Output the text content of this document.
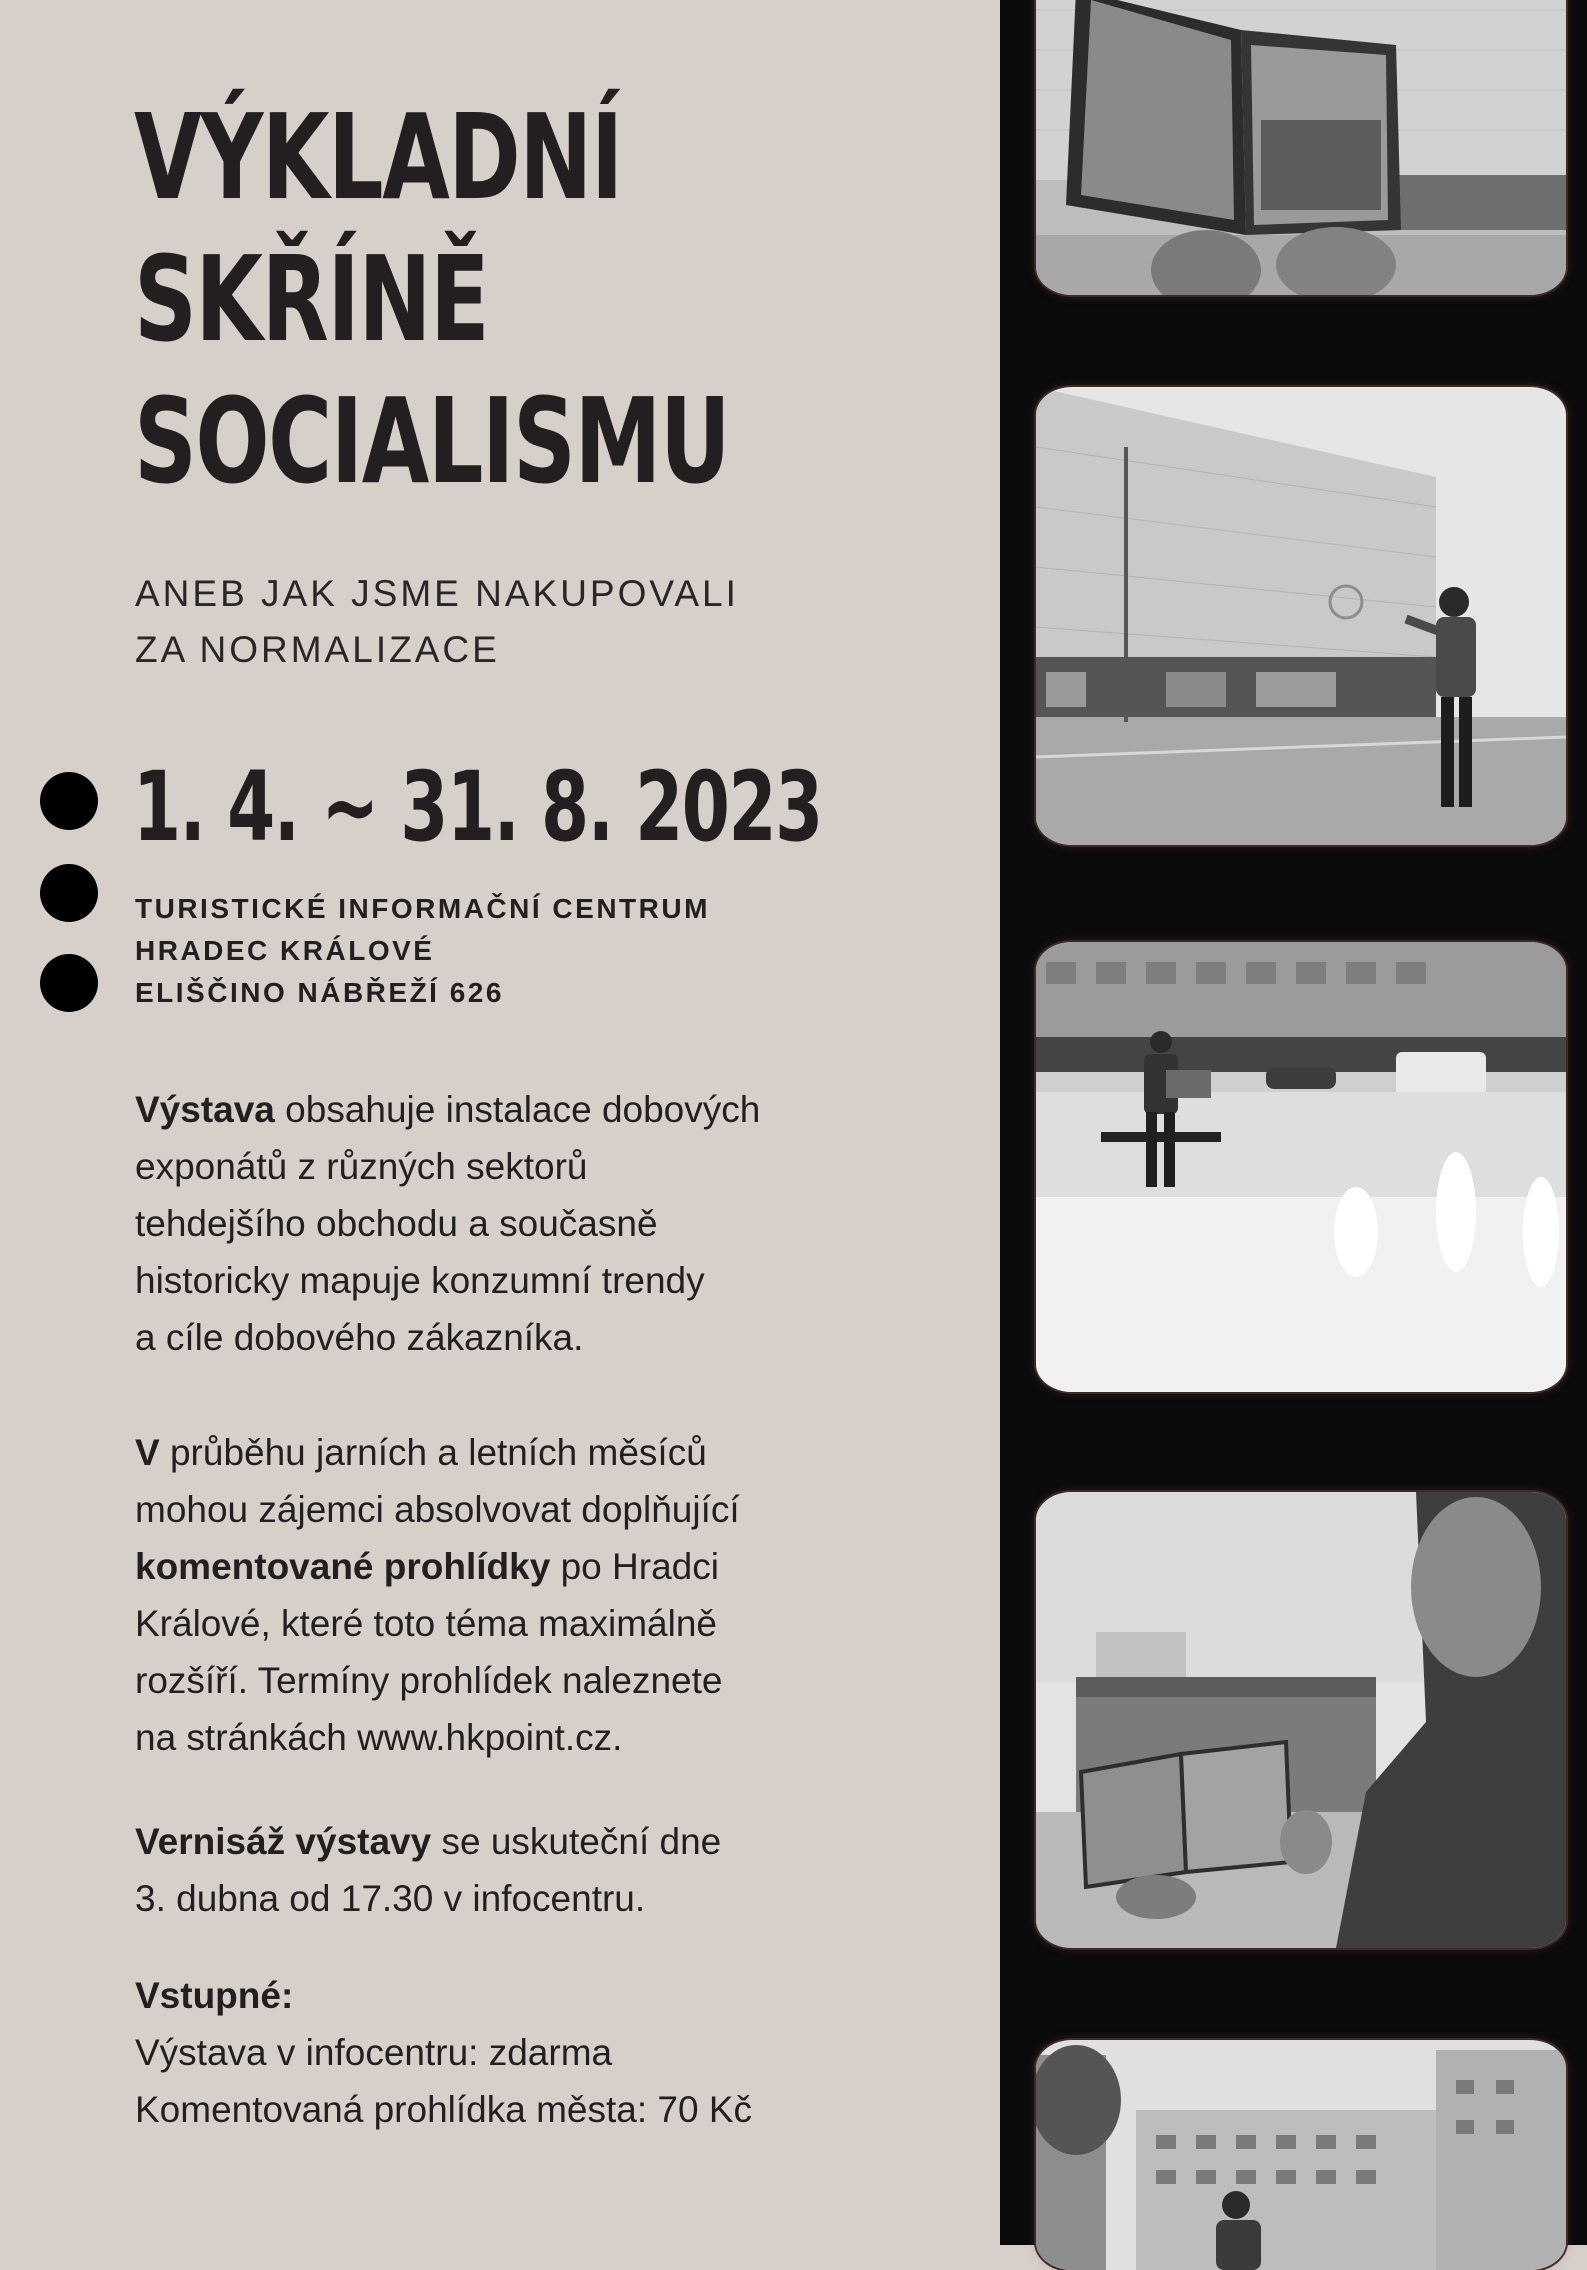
VÝKLADNÍ
SKŘÍNĚ
SOCIALISMU
ANEB JAK JSME NAKUPOVALI
ZA NORMALIZACE
1. 4. ~ 31. 8. 2023
TURISTICKÉ INFORMAČNÍ CENTRUM
HRADEC KRÁLOVÉ
ELIŠČINO NÁBŘEŽÍ 626
Výstava obsahuje instalace dobových
exponátů z různých sektorů
tehdejšího obchodu a současně
historicky mapuje konzumní trendy
a cíle dobového zákazníka.
V průběhu jarních a letních měsíců
mohou zájemci absolvovat doplňující
komentované prohlídky po Hradci
Králové, které toto téma maximálně
rozšíří. Termíny prohlídek naleznete
na stránkách www.hkpoint.cz.
Vernisáž výstavy se uskuteční dne
3. dubna od 17.30 v infocentru.
Vstupné:
Výstava v infocentru: zdarma
Komentovaná prohlídka města: 70 Kč
